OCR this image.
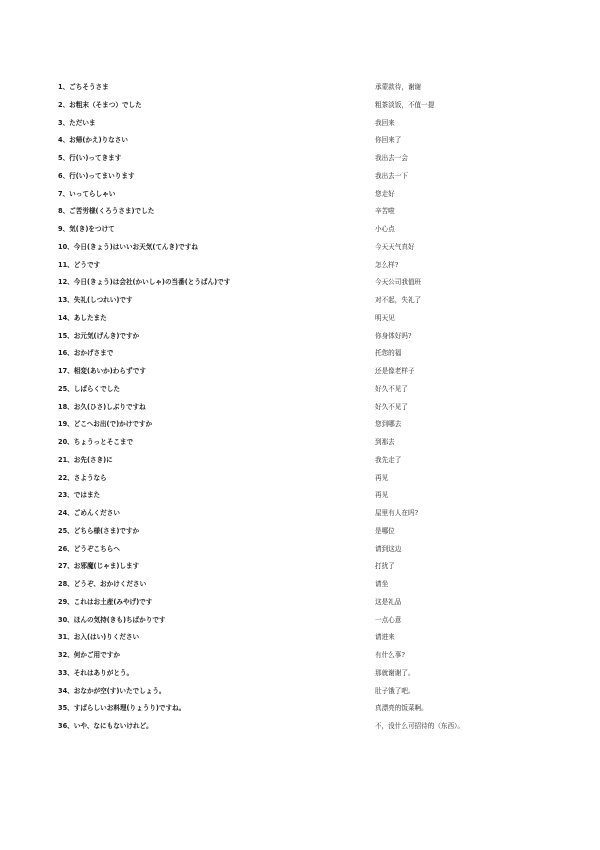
1、ごちそうさま	承蒙款待，谢谢
2、お粗末（そまつ）でした	粗茶淡饭，不值一提
3、ただいま	我回来
4、お帰(かえ)りなさい	你回来了
5、行(い)ってきます	我出去一会
6、行(い)ってまいります	我出去一下
7、いってらしゃい	您走好
8、ご苦労様(くろうさま)でした	辛苦啦
9、気(き)をつけて	小心点
10、今日(きょう)はいいお天気(てんき)ですね	今天天气真好
11、どうです	怎么样?
12、今日(きょう)は会社(かいしゃ)の当番(とうばん)です	今天公司我值班
13、失礼(しつれい)です	对不起，失礼了
14、あしたまた	明天见
15、お元気(げんき)ですか	你身体好吗?
16、おかげさまで	托您的福
17、相変(あいか)わらずです	还是像老样子
25、しばらくでした	好久不见了
18、お久(ひさ)しぶりですね	好久不见了
19、どこへお出(で)かけですか	您到哪去
20、ちょうっとそこまで	到那去
21、お先(さき)に	我先走了
22、さようなら	再见
23、ではまた	再见
24、ごめんください	屋里有人在吗?
25、どちら様(さま)ですか	是哪位
26、どうぞこちらへ	请到这边
27、お邪魔(じゃま)します	打扰了
28、どうぞ、おかけください	请坐
29、これはお土産(みやげ)です	这是礼品
30、ほんの気持(きも)ちばかりです	一点心意
31、お入(はい)りください	请进来
32、何かご用ですか	有什么事?
33、それはありがとう。	那就谢谢了。
34、おなかが空(す)いたでしょう。	肚子饿了吧。
35、すばらしいお料理(りょうり)ですね。	真漂亮的饭菜啊。
36、いや、なにもないけれど。	不，没什么可招待的（东西）。
